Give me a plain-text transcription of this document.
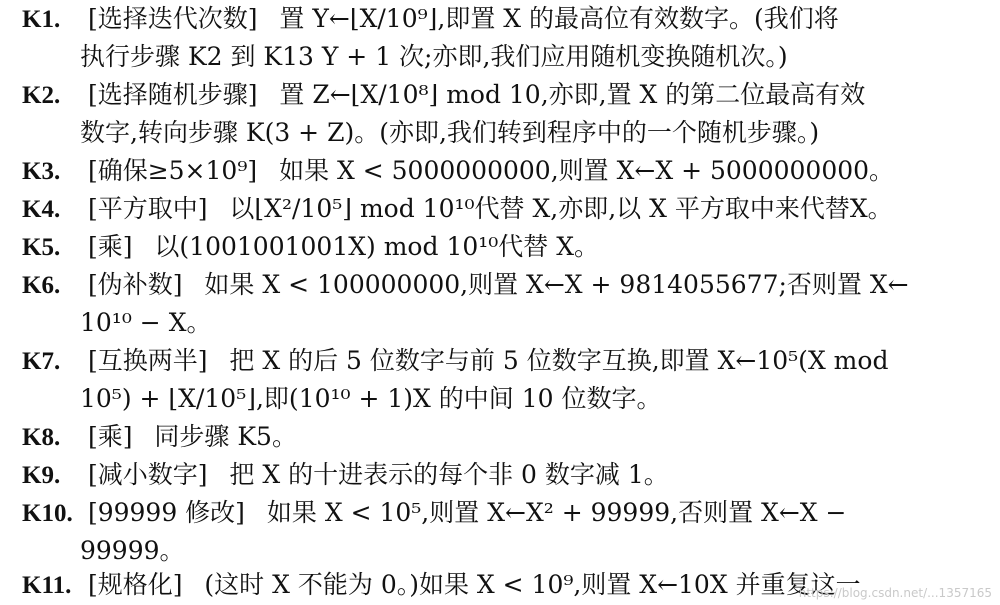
K1. [选择迭代次数] 置 Y←⌊X/10⁹⌋,即置 X 的最高位有效数字。(我们将
执行步骤 K2 到 K13 Y + 1 次;亦即,我们应用随机变换随机次。)
K2. [选择随机步骤] 置 Z←⌊X/10⁸⌋ mod 10,亦即,置 X 的第二位最高有效
数字,转向步骤 K(3 + Z)。(亦即,我们转到程序中的一个随机步骤。)
K3. [确保≥5×10⁹] 如果 X < 5000000000,则置 X←X + 5000000000。
K4. [平方取中] 以⌊X²/10⁵⌋ mod 10¹⁰代替 X,亦即,以 X 平方取中来代替X。
K5. [乘] 以(1001001001X) mod 10¹⁰代替 X。
K6. [伪补数] 如果 X < 100000000,则置 X←X + 9814055677;否则置 X←
10¹⁰ − X。
K7. [互换两半] 把 X 的后 5 位数字与前 5 位数字互换,即置 X←10⁵(X mod
10⁵) + ⌊X/10⁵⌋,即(10¹⁰ + 1)X 的中间 10 位数字。
K8. [乘] 同步骤 K5。
K9. [减小数字] 把 X 的十进表示的每个非 0 数字减 1。
K10. [99999 修改] 如果 X < 10⁵,则置 X←X² + 99999,否则置 X←X −
99999。
K11. [规格化] (这时 X 不能为 0。)如果 X < 10⁹,则置 X←10X 并重复这一
https://blog.csdn.net/...1357165
